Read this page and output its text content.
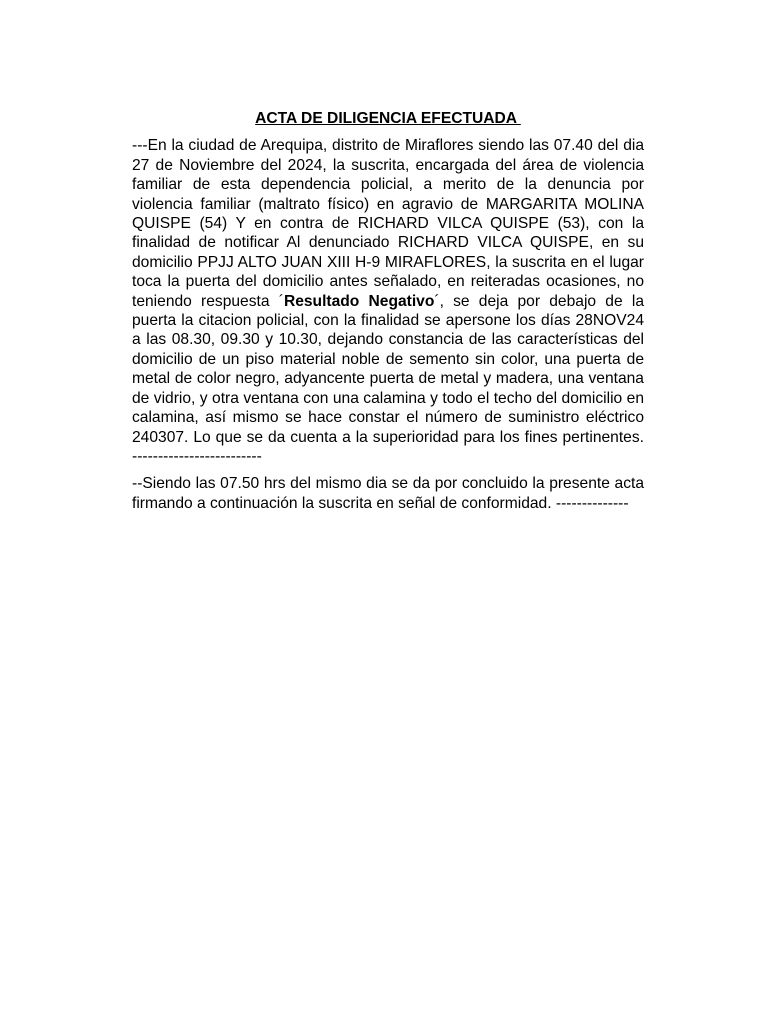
ACTA DE DILIGENCIA EFECTUADA

---En la ciudad de Arequipa, distrito de Miraflores siendo las 07.40 del dia 27 de Noviembre del 2024, la suscrita, encargada del área de violencia familiar de esta dependencia policial, a merito de la denuncia por violencia familiar (maltrato físico) en agravio de MARGARITA MOLINA QUISPE (54) Y en contra de RICHARD VILCA QUISPE (53), con la finalidad de notificar Al denunciado RICHARD VILCA QUISPE, en su domicilio PPJJ ALTO JUAN XIII H-9 MIRAFLORES, la suscrita en el lugar toca la puerta del domicilio antes señalado, en reiteradas ocasiones, no teniendo respuesta ´Resultado Negativo´, se deja por debajo de la puerta la citacion policial, con la finalidad se apersone los días 28NOV24 a las 08.30, 09.30 y 10.30, dejando constancia de las características del domicilio de un piso material noble de semento sin color, una puerta de metal de color negro, adyancente puerta de metal y madera, una ventana de vidrio, y otra ventana con una calamina y todo el techo del domicilio en calamina, así mismo se hace constar el número de suministro eléctrico 240307. Lo que se da cuenta a la superioridad para los fines pertinentes. -------------------------

--Siendo las 07.50 hrs del mismo dia se da por concluido la presente acta firmando a continuación la suscrita en señal de conformidad. --------------
